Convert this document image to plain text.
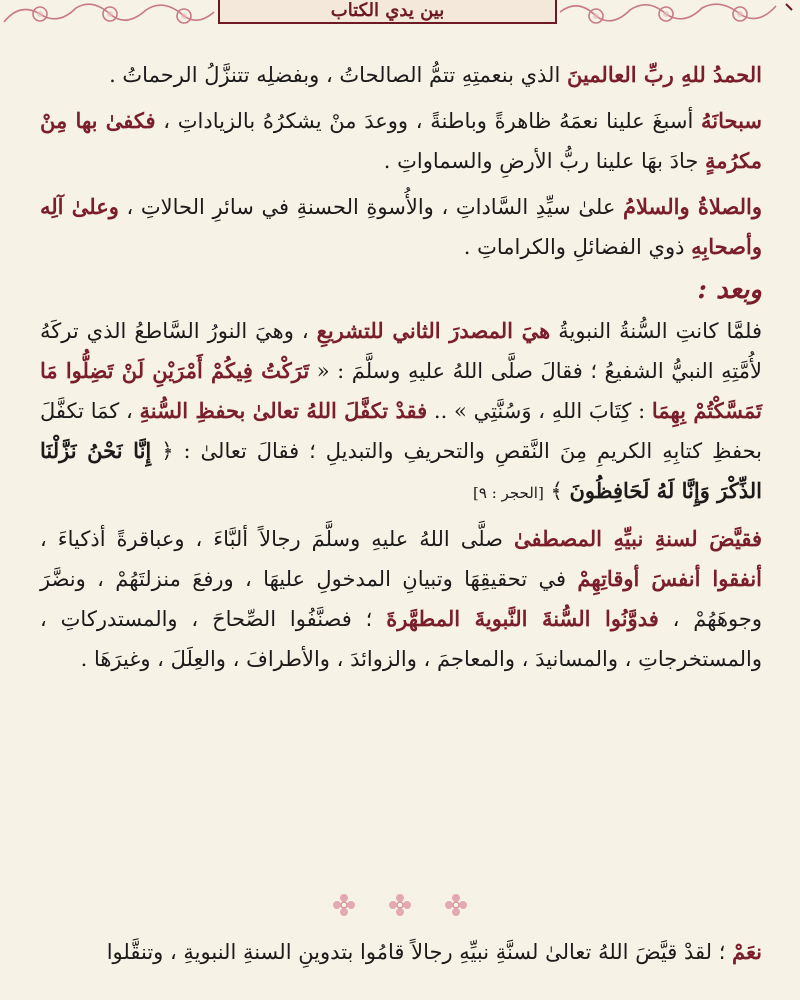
بين يدي الكتاب

الحمدُ للهِ ربِّ العالمينَ الذي بنعمتِهِ تتمُّ الصالحاتُ ، وبفضلِه تتنزَّلُ الرحماتُ .

سبحانَهُ أسبغَ علينا نعمَهُ ظاهرةً وباطنةً ، ووعدَ منْ يشكرُهُ بالزياداتِ ، فكفىٰ بها مِنْ مكرُمةٍ جادَ بهَا علينا ربُّ الأرضِ والسماواتِ .

والصلاةُ والسلامُ علىٰ سيِّدِ السَّاداتِ ، والأُسوةِ الحسنةِ في سائرِ الحالاتِ ، وعلىٰ آلِه وأصحابِهِ ذوي الفضائلِ والكراماتِ .

وبعد :

فلمَّا كانتِ السُّنةُ النبويةُ هيَ المصدرَ الثاني للتشريعِ ، وهيَ النورُ السَّاطعُ الذي تركَهُ لأُمَّتِهِ النبيُّ الشفيعُ ؛ فقالَ صلَّى اللهُ عليهِ وسلَّمَ : « تَرَكْتُ فِيكُمْ أَمْرَيْنِ لَنْ تَضِلُّوا مَا تَمَسَّكْتُمْ بِهِمَا : كِتَابَ اللهِ ، وَسُنَّتِي » .. فقدْ تكفَّلَ اللهُ تعالىٰ بحفظِ السُّنةِ ، كمَا تكفَّلَ بحفظِ كتابِهِ الكريمِ مِنَ النَّقصِ والتحريفِ والتبديلِ ؛ فقالَ تعالىٰ : ﴿ إِنَّا نَحْنُ نَزَّلْنَا الذِّكْرَ وَإِنَّا لَهُ لَحَافِظُونَ ﴾ [الحجر : ٩]

فقيَّضَ لسنةِ نبيِّهِ المصطفىٰ صلَّى اللهُ عليهِ وسلَّمَ رجالاً ألبَّاءَ ، وعباقرةً أذكياءَ ، أنفقوا أنفسَ أوقاتِهِمْ في تحقيقِهَا وتبيانِ المدخولِ عليهَا ، ورفعَ منزلتَهُمْ ، ونضَّرَ وجوهَهُمْ ، فدوَّنُوا السُّنةَ النَّبويةَ المطهَّرةَ ؛ فصنَّفُوا الصِّحاحَ ، والمستدركاتِ ، والمستخرجاتِ ، والمسانيدَ ، والمعاجمَ ، والزوائدَ ، والأطرافَ ، والعِلَلَ ، وغيرَهَا .

نعَمْ ؛ لقدْ قيَّضَ اللهُ تعالىٰ لسنَّةِ نبيِّهِ رجالاً قامُوا بتدوينِ السنةِ النبويةِ ، وتنقَّلوا
